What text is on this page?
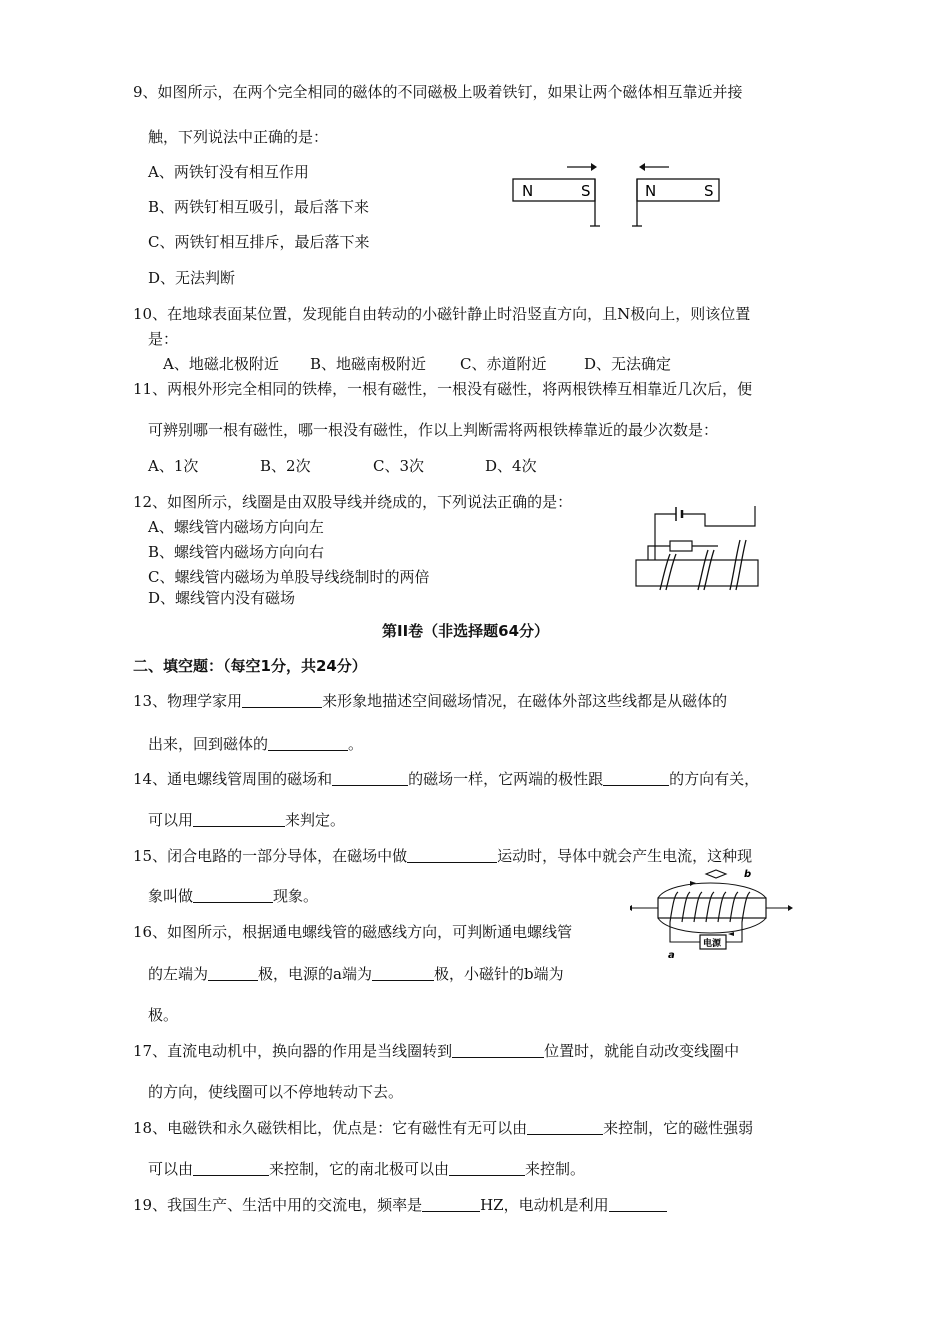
9、如图所示，在两个完全相同的磁体的不同磁极上吸着铁钉，如果让两个磁体相互靠近并接
触，下列说法中正确的是：
A、两铁钉没有相互作用
B、两铁钉相互吸引，最后落下来
C、两铁钉相互排斥，最后落下来
D、无法判断
N	S	N	S
10、在地球表面某位置，发现能自由转动的小磁针静止时沿竖直方向，且N极向上，则该位置
是：
A、地磁北极附近 B、地磁南极附近 C、赤道附近	D、无法确定
11、两根外形完全相同的铁棒，一根有磁性，一根没有磁性，将两根铁棒互相靠近几次后，便
可辨别哪一根有磁性，哪一根没有磁性，作以上判断需将两根铁棒靠近的最少次数是：
A、1次	B、2次	C、3次	D、4次
12、如图所示，线圈是由双股导线并绕成的，下列说法正确的是：
A、螺线管内磁场方向向左
B、螺线管内磁场方向向右
C、螺线管内磁场为单股导线绕制时的两倍
D、螺线管内没有磁场
第II卷（非选择题64分）
二、填空题：（每空1分，共24分）
13、物理学家用	来形象地描述空间磁场情况，在磁体外部这些线都是从磁体的
出来，回到磁体的	。
14、通电螺线管周围的磁场和	的磁场一样，它两端的极性跟	的方向有关，
可以用	来判定。
15、闭合电路的一部分导体，在磁场中做	运动时，导体中就会产生电流，这种现
象叫做	现象。
16、如图所示，根据通电螺线管的磁感线方向，可判断通电螺线管
的左端为	极，电源的a端为	极，小磁针的b端为
极。
b
电源
a
17、直流电动机中，换向器的作用是当线圈转到	位置时，就能自动改变线圈中
的方向，使线圈可以不停地转动下去。
18、电磁铁和永久磁铁相比，优点是：它有磁性有无可以由	来控制，它的磁性强弱
可以由	来控制，它的南北极可以由	来控制。
19、我国生产、生活中用的交流电，频率是	HZ，电动机是利用
